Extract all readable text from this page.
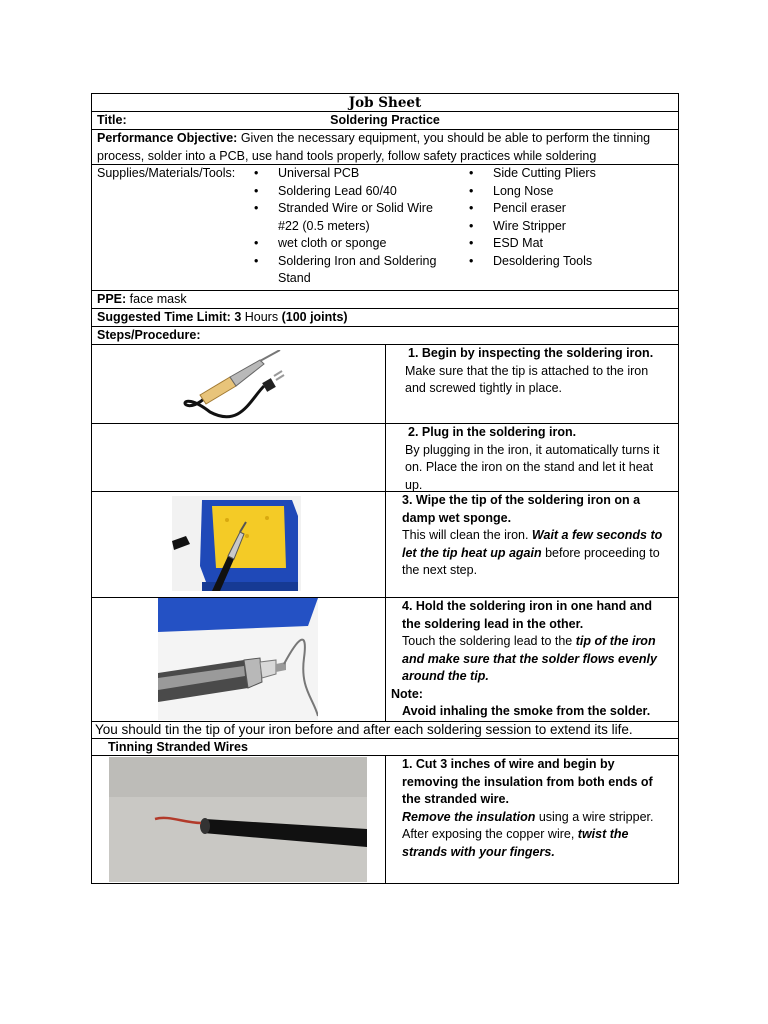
Job Sheet
Title:	Soldering Practice
Performance Objective: Given the necessary equipment, you should be able to perform the tinning process, solder into a PCB, use hand tools properly, follow safety practices while soldering
Supplies/Materials/Tools:
•	Universal PCB
• Soldering Lead 60/40
• Stranded Wire or Solid Wire #22 (0.5 meters)
• wet cloth or sponge
• Soldering Iron and Soldering Stand
• Side Cutting Pliers
• Long Nose
• Pencil eraser
• Wire Stripper
• ESD Mat
• Desoldering Tools
PPE: face mask
Suggested Time Limit: 3 Hours (100 joints)
Steps/Procedure:
1. Begin by inspecting the soldering iron.
Make sure that the tip is attached to the iron and screwed tightly in place.
2. Plug in the soldering iron.
By plugging in the iron, it automatically turns it on. Place the iron on the stand and let it heat up.
3. Wipe the tip of the soldering iron on a damp wet sponge.
This will clean the iron. Wait a few seconds to let the tip heat up again before proceeding to the next step.
4. Hold the soldering iron in one hand and the soldering lead in the other.
Touch the soldering lead to the tip of the iron and make sure that the solder flows evenly around the tip.
Note:
Avoid inhaling the smoke from the solder.
You should tin the tip of your iron before and after each soldering session to extend its life.
Tinning Stranded Wires
1. Cut 3 inches of wire and begin by removing the insulation from both ends of the stranded wire.
Remove the insulation using a wire stripper. After exposing the copper wire, twist the strands with your fingers.
